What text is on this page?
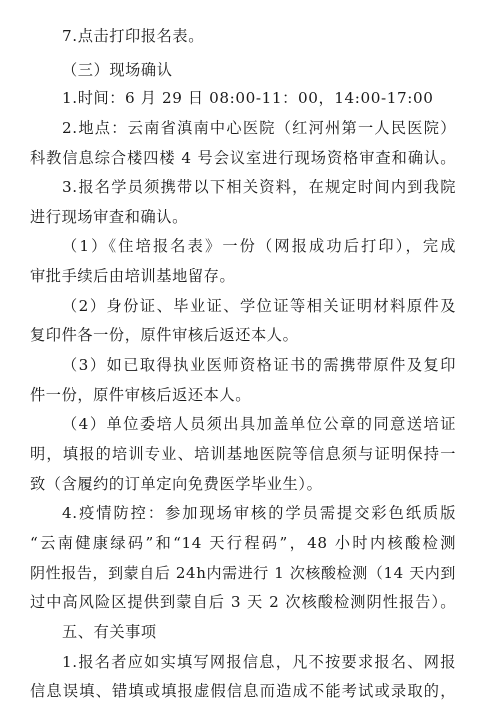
7.点击打印报名表。
（三）现场确认
1.时间：6 月 29 日 08:00-11：00，14:00-17:00
2.地点：云南省滇南中心医院（红河州第一人民医院）
科教信息综合楼四楼 4 号会议室进行现场资格审查和确认。
3.报名学员须携带以下相关资料，在规定时间内到我院
进行现场审查和确认。
（1）《住培报名表》一份（网报成功后打印），完成
审批手续后由培训基地留存。
（2）身份证、毕业证、学位证等相关证明材料原件及
复印件各一份，原件审核后返还本人。
（3）如已取得执业医师资格证书的需携带原件及复印
件一份，原件审核后返还本人。
（4）单位委培人员须出具加盖单位公章的同意送培证
明，填报的培训专业、培训基地医院等信息须与证明保持一
致（含履约的订单定向免费医学毕业生）。
4.疫情防控：参加现场审核的学员需提交彩色纸质版
“云南健康绿码”和“14 天行程码”，48 小时内核酸检测
阴性报告，到蒙自后 24h内需进行 1 次核酸检测（14 天内到
过中高风险区提供到蒙自后 3 天 2 次核酸检测阴性报告）。
五、有关事项
1.报名者应如实填写网报信息，凡不按要求报名、网报
信息误填、错填或填报虚假信息而造成不能考试或录取的，
